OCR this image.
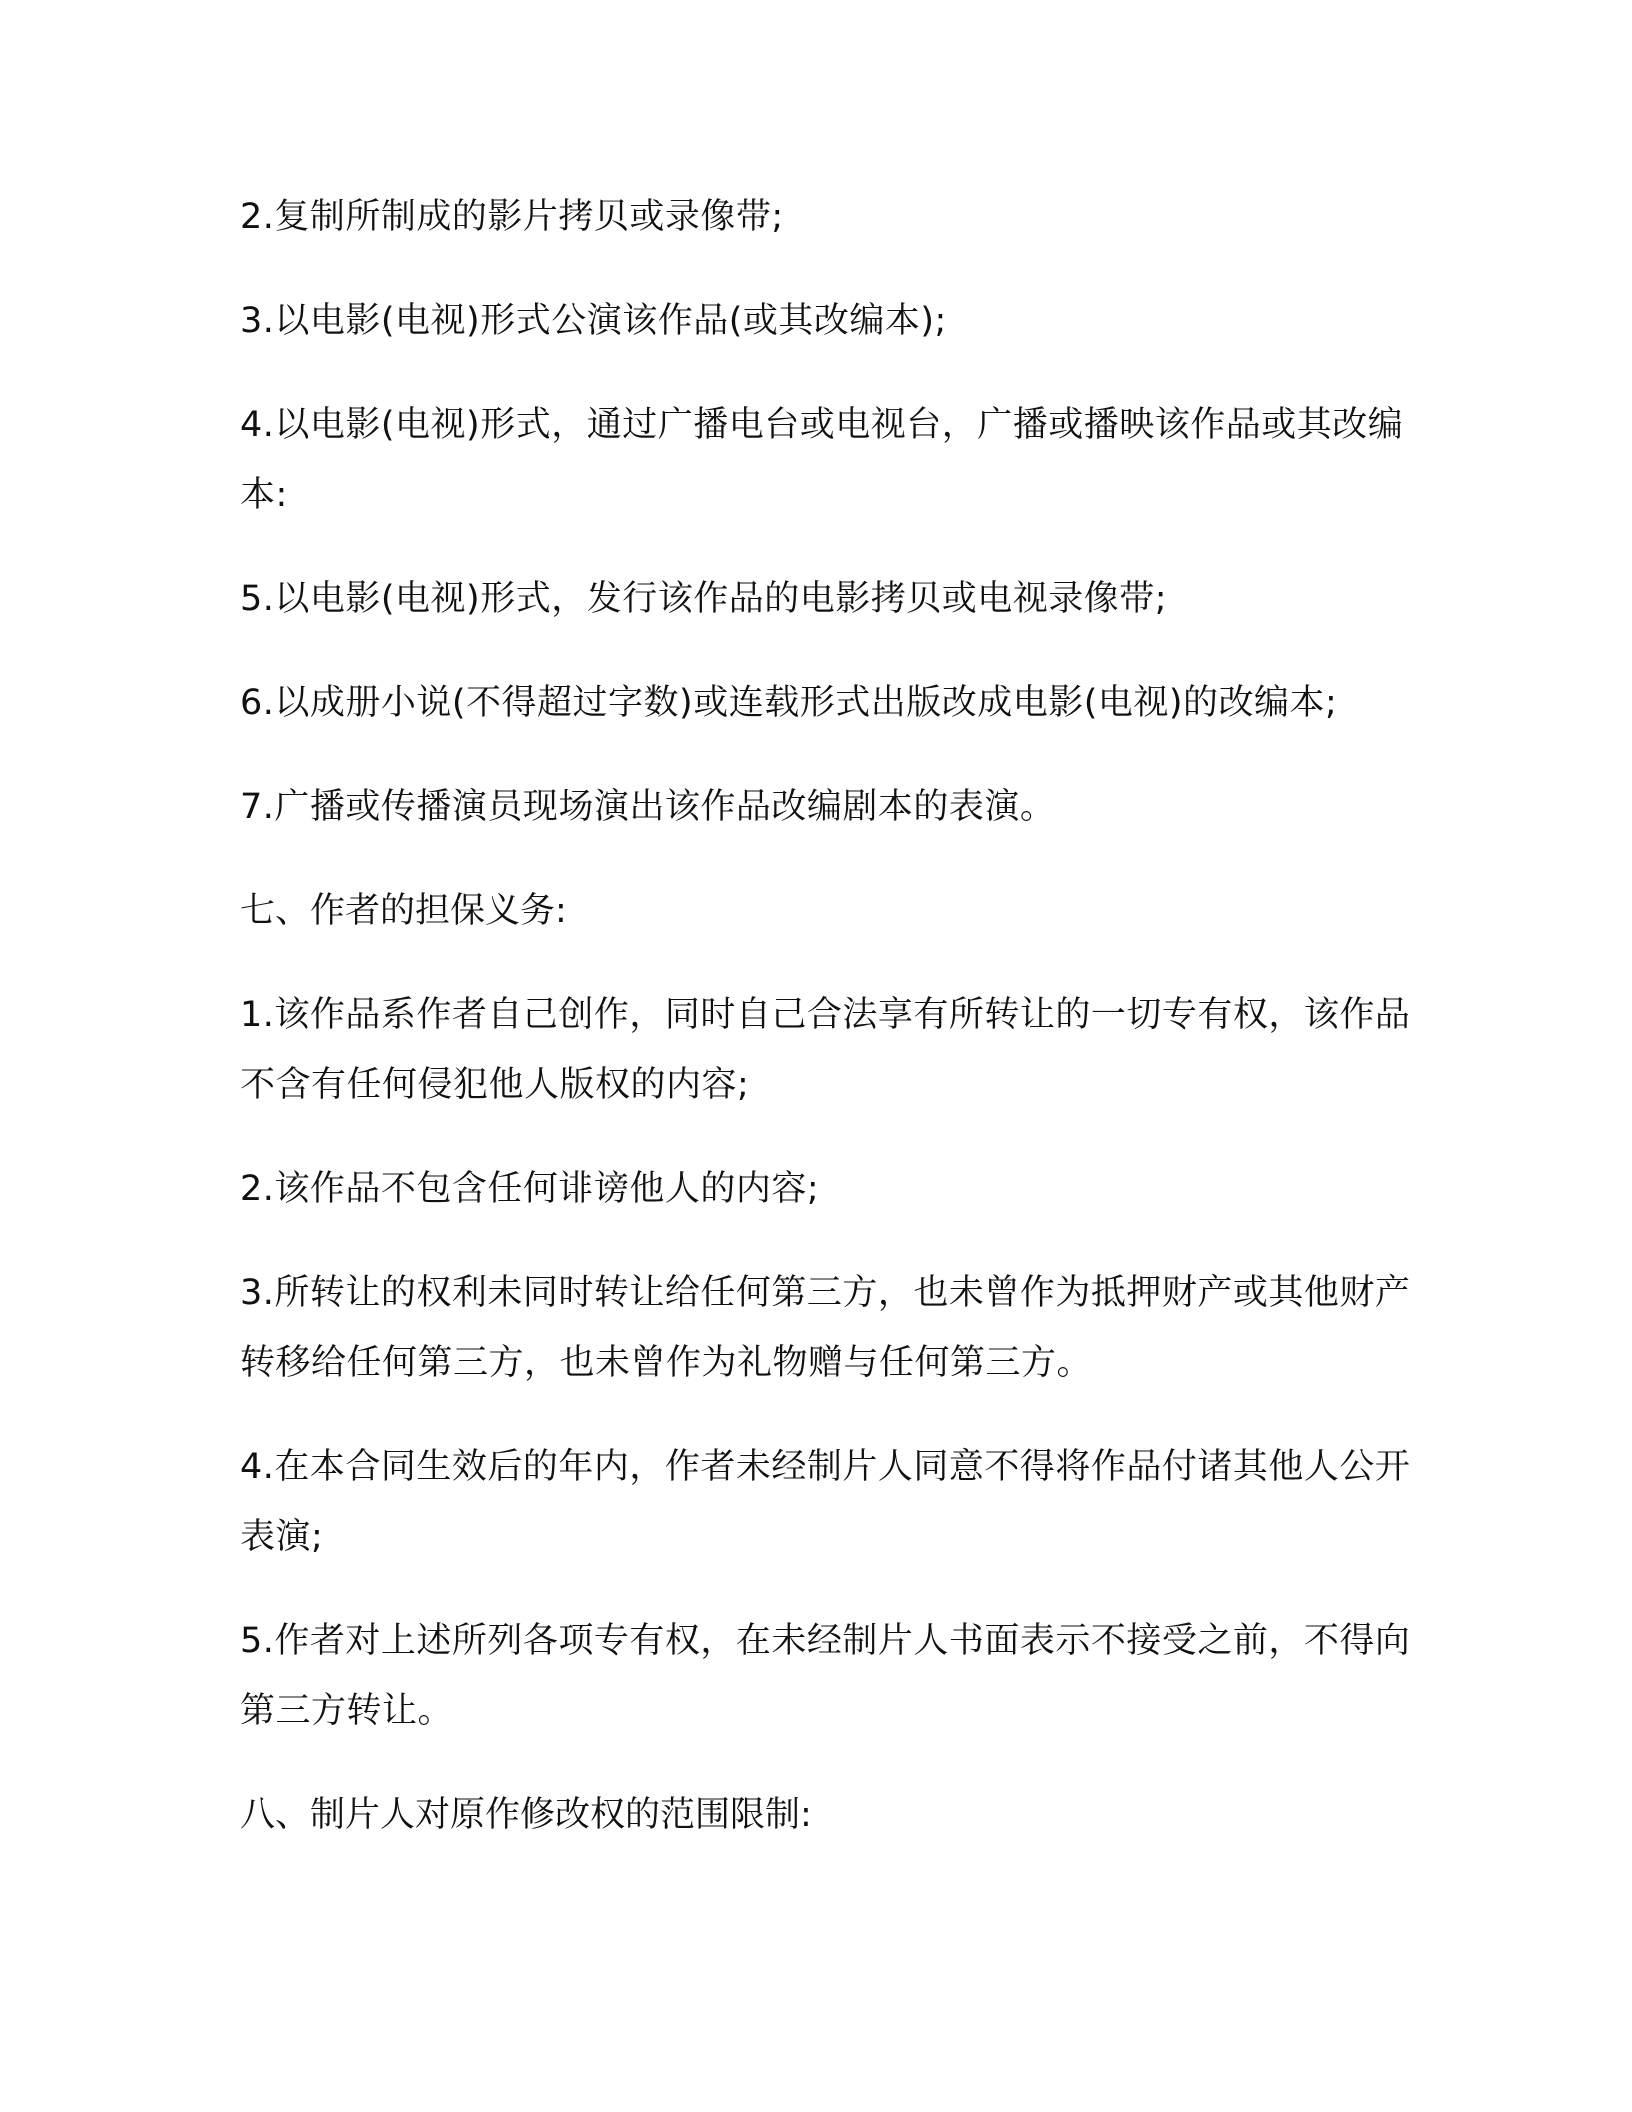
2.复制所制成的影片拷贝或录像带;

3.以电影(电视)形式公演该作品(或其改编本);

4.以电影(电视)形式，通过广播电台或电视台，广播或播映该作品或其改编本:

5.以电影(电视)形式，发行该作品的电影拷贝或电视录像带;

6.以成册小说(不得超过字数)或连载形式出版改成电影(电视)的改编本;

7.广播或传播演员现场演出该作品改编剧本的表演。

七、作者的担保义务:

1.该作品系作者自己创作，同时自己合法享有所转让的一切专有权，该作品不含有任何侵犯他人版权的内容;

2.该作品不包含任何诽谤他人的内容;

3.所转让的权利未同时转让给任何第三方，也未曾作为抵押财产或其他财产转移给任何第三方，也未曾作为礼物赠与任何第三方。

4.在本合同生效后的年内，作者未经制片人同意不得将作品付诸其他人公开表演;

5.作者对上述所列各项专有权，在未经制片人书面表示不接受之前，不得向第三方转让。

八、制片人对原作修改权的范围限制:
